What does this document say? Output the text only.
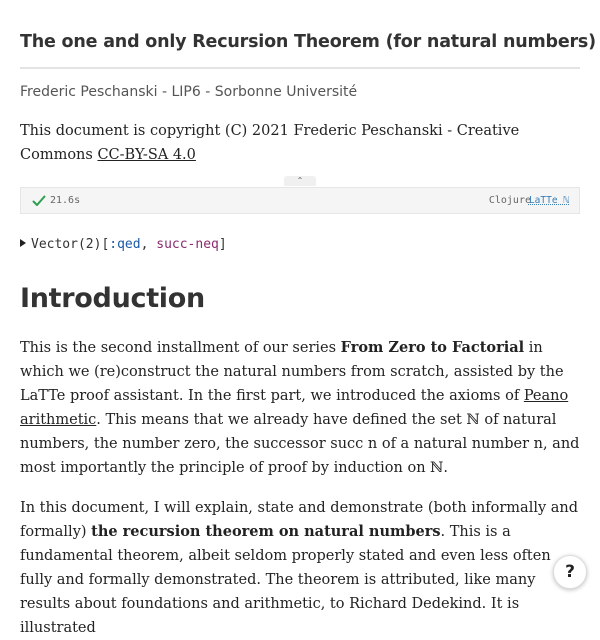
The one and only Recursion Theorem (for natural numbers)
Frederic Peschanski - LIP6 - Sorbonne Université

This document is copyright (C) 2021 Frederic Peschanski - Creative Commons CC-BY-SA 4.0

⌃
21.6s	Clojure
LaTTe ℕ
Vector(2)[:qed, succ-neq]
Introduction

This is the second installment of our series From Zero to Factorial in which we (re)construct the natural numbers from scratch, assisted by the LaTTe proof assistant. In the first part, we introduced the axioms of Peano arithmetic. This means that we already have defined the set ℕ of natural numbers, the number zero, the successor succ n of a natural number n, and most importantly the principle of proof by induction on ℕ.

In this document, I will explain, state and demonstrate (both informally and formally) the recursion theorem on natural numbers. This is a fundamental theorem, albeit seldom properly stated and even less often fully and formally demonstrated. The theorem is attributed, like many results about foundations and arithmetic, to Richard Dedekind. It is illustrated

?
